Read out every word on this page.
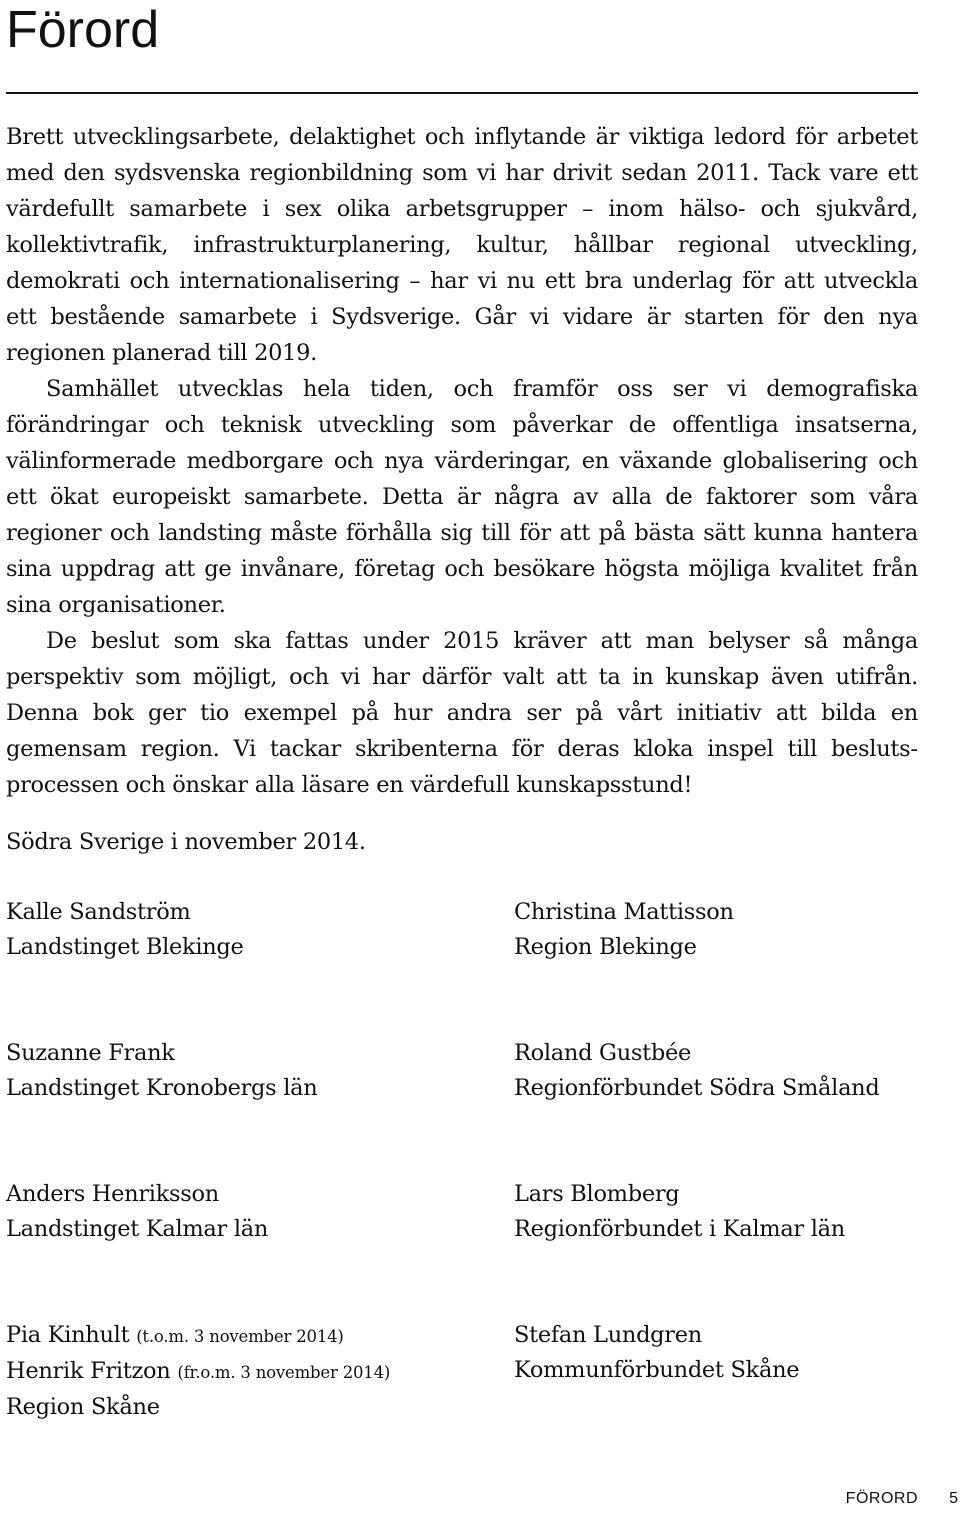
Förord

Brett utvecklingsarbete, delaktighet och inflytande är viktiga ledord för arbetet med den sydsvenska regionbildning som vi har drivit sedan 2011. Tack vare ett värdefullt samarbete i sex olika arbetsgrupper – inom hälso- och sjukvård, kollektivtrafik, infrastrukturplanering, kultur, hållbar regional utveckling, demokrati och internationalisering – har vi nu ett bra underlag för att utveckla ett bestående samarbete i Sydsverige. Går vi vidare är starten för den nya regionen planerad till 2019.

Samhället utvecklas hela tiden, och framför oss ser vi demografiska förändringar och teknisk utveckling som påverkar de offentliga insatserna, välinformerade medborgare och nya värderingar, en växande globalisering och ett ökat europeiskt samarbete. Detta är några av alla de faktorer som våra regioner och landsting måste förhålla sig till för att på bästa sätt kunna hantera sina uppdrag att ge invånare, företag och besökare högsta möjliga kvalitet från sina organisationer.

De beslut som ska fattas under 2015 kräver att man belyser så många perspektiv som möjligt, och vi har därför valt att ta in kunskap även utifrån. Denna bok ger tio exempel på hur andra ser på vårt initiativ att bilda en gemensam region. Vi tackar skribenterna för deras kloka inspel till beslutsprocessen och önskar alla läsare en värdefull kunskapsstund!

Södra Sverige i november 2014.
Kalle Sandström
Landstinget Blekinge
Christina Mattisson
Region Blekinge
Suzanne Frank
Landstinget Kronobergs län
Roland Gustbée
Regionförbundet Södra Småland
Anders Henriksson
Landstinget Kalmar län
Lars Blomberg
Regionförbundet i Kalmar län
Pia Kinhult (t.o.m. 3 november 2014)
Henrik Fritzon (fr.o.m. 3 november 2014)
Region Skåne
Stefan Lundgren
Kommunförbundet Skåne
FÖRORD 5
